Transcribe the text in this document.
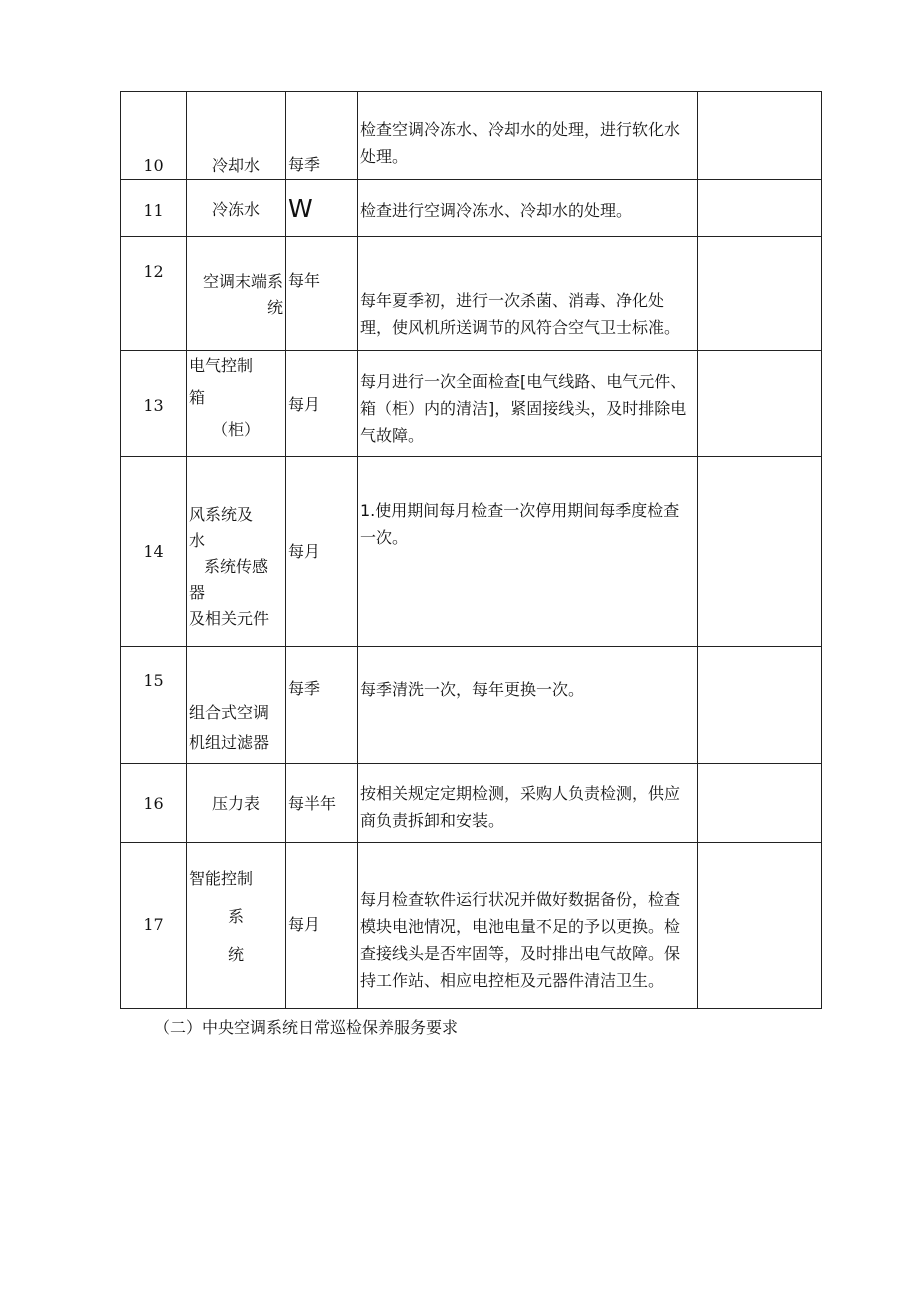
10	冷却水	每季	检查空调冷冻水、冷却水的处理，进行软化水处理。	

11	冷冻水	W	检查进行空调冷冻水、冷却水的处理。	

12	空调末端系
统	每年	每年夏季初，进行一次杀菌、消毒、净化处理，使风机所送调节的风符合空气卫士标准。	

13	电气控制
箱
（柜）	每月	每月进行一次全面检查[电气线路、电气元件、箱（柜）内的清洁]，紧固接线头，及时排除电气故障。	

14	风系统及
水
系统传感
器
及相关元件	每月	1.使用期间每月检查一次停用期间每季度检查一次。	

15	组合式空调
机组过滤器	每季	每季清洗一次，每年更换一次。	

16	压力表	每半年	按相关规定定期检测，采购人负责检测，供应商负责拆卸和安装。	

17	智能控制
系
统	每月	每月检查软件运行状况并做好数据备份，检查模块电池情况，电池电量不足的予以更换。检查接线头是否牢固等，及时排出电气故障。保持工作站、相应电控柜及元器件清洁卫生。	

（二）中央空调系统日常巡检保养服务要求
